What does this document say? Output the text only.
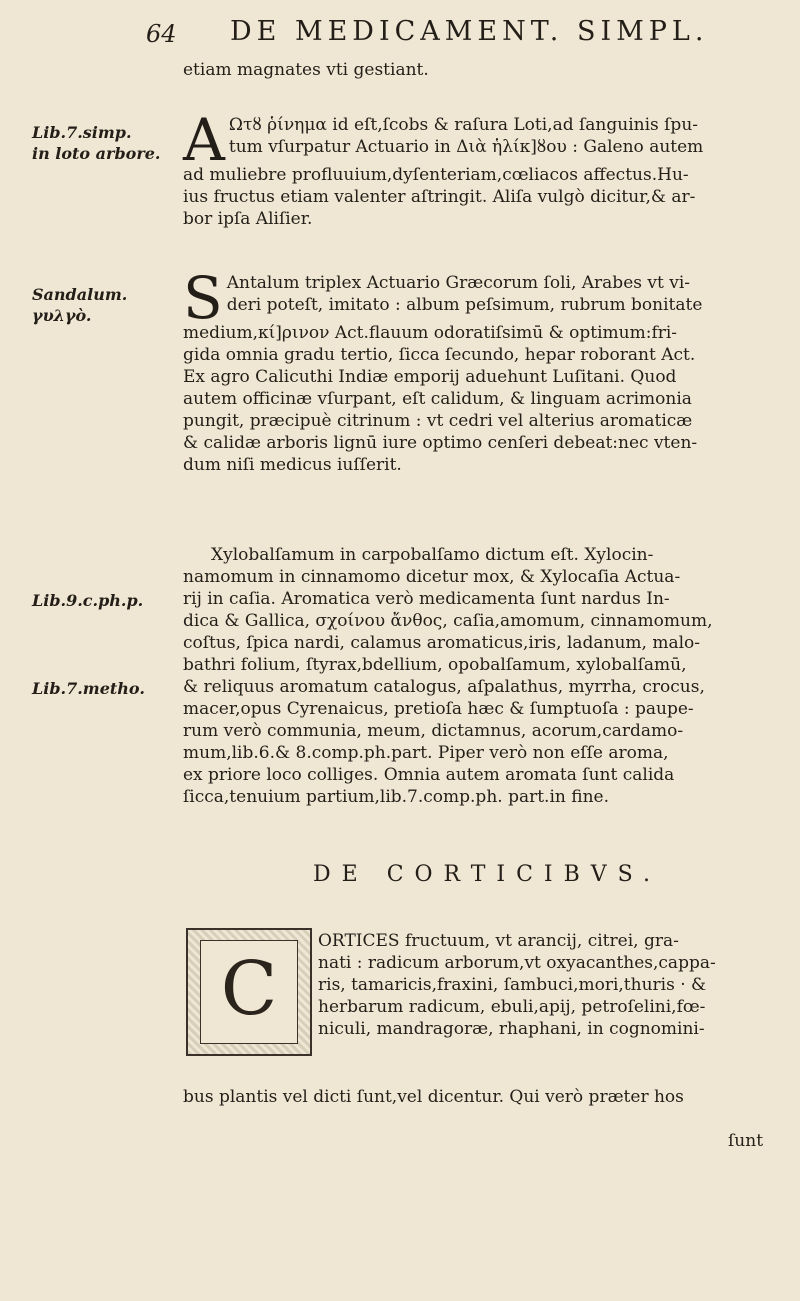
64 DE MEDICAMENT. SIMPL.
etiam magnates vti gestiant.
Lib.7.simp.
in loto arbore.
Sandalum.
γυλγò.
Lib.9.c.ph.p.
Lib.7.metho.
A Ωτȣ ῥίνημα id eſt,ſcobs & raſura Loti,ad ſanguinis ſpu-
tum vſurpatur Actuario in Διὰ ἡλίκ]ȣου : Galeno autem
ad muliebre profluuium,dyſenteriam,cœliacos affectus.Hu-
ius fructus etiam valenter aſtringit. Aliſa vulgò dicitur,& ar-
bor ipſa Aliſier.
S Antalum triplex Actuario Græcorum ſoli, Arabes vt vi-
deri poteſt, imitato : album peſsimum, rubrum bonitate
medium,κί]ρινον Act.flauum odoratiſsimū & optimum:fri-
gida omnia gradu tertio, ſicca ſecundo, hepar roborant Act.
Ex agro Calicuthi Indiæ emporij aduehunt Luſitani. Quod
autem officinæ vſurpant, eſt calidum, & linguam acrimonia
pungit, præcipuè citrinum : vt cedri vel alterius aromaticæ
& calidæ arboris lignū iure optimo cenſeri debeat:nec vten-
dum niſi medicus iuſſerit.
Xylobalſamum in carpobalſamo dictum eſt. Xylocin-
namomum in cinnamomo dicetur mox, & Xylocaſia Actua-
rij in caſia. Aromatica verò medicamenta ſunt nardus In-
dica & Gallica, σχοίνου ἄνθος, caſia,amomum, cinnamomum,
coſtus, ſpica nardi, calamus aromaticus,iris, ladanum, malo-
bathri folium, ſtyrax,bdellium, opobalſamum, xylobalſamū,
& reliquus aromatum catalogus, aſpalathus, myrrha, crocus,
macer,opus Cyrenaicus, pretioſa hæc & ſumptuoſa : paupe-
rum verò communia, meum, dictamnus, acorum,cardamo-
mum,lib.6.& 8.comp.ph.part. Piper verò non eſſe aroma,
ex priore loco colliges. Omnia autem aromata ſunt calida
ſicca,tenuium partium,lib.7.comp.ph. part.in fine.
DE CORTICIBVS.
C
ORTICES fructuum, vt arancij, citrei, gra-
nati : radicum arborum,vt oxyacanthes,cappa-
ris, tamaricis,fraxini, ſambuci,mori,thuris · &
herbarum radicum, ebuli,apij, petroſelini,fœ-
niculi, mandragoræ, rhaphani, in cognomini-
bus plantis vel dicti ſunt,vel dicentur. Qui verò præter hos
ſunt
